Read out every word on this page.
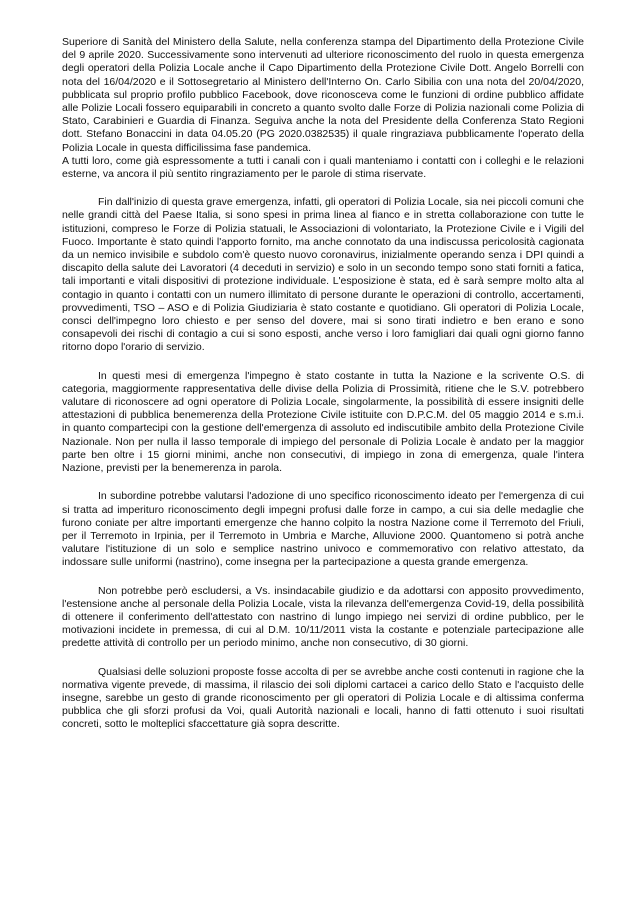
Superiore di Sanità del Ministero della Salute, nella conferenza stampa del Dipartimento della Protezione Civile del 9 aprile 2020. Successivamente sono intervenuti ad ulteriore riconoscimento del ruolo in questa emergenza degli operatori della Polizia Locale anche il Capo Dipartimento della Protezione Civile Dott. Angelo Borrelli con nota del 16/04/2020 e il Sottosegretario al Ministero dell'Interno On. Carlo Sibilia con una nota del 20/04/2020, pubblicata sul proprio profilo pubblico Facebook, dove riconosceva come le funzioni di ordine pubblico affidate alle Polizie Locali fossero equiparabili in concreto a quanto svolto dalle Forze di Polizia nazionali come Polizia di Stato, Carabinieri e Guardia di Finanza. Seguiva anche la nota del Presidente della Conferenza Stato Regioni dott. Stefano Bonaccini in data 04.05.20 (PG 2020.0382535) il quale ringraziava pubblicamente l'operato della Polizia Locale in questa difficilissima fase pandemica.

A tutti loro, come già espressomente a tutti i canali con i quali manteniamo i contatti con i colleghi e le relazioni esterne, va ancora il più sentito ringraziamento per le parole di stima riservate.

Fin dall'inizio di questa grave emergenza, infatti, gli operatori di Polizia Locale, sia nei piccoli comuni che nelle grandi città del Paese Italia, si sono spesi in prima linea al fianco e in stretta collaborazione con tutte le istituzioni, compreso le Forze di Polizia statuali, le Associazioni di volontariato, la Protezione Civile e i Vigili del Fuoco. Importante è stato quindi l'apporto fornito, ma anche connotato da una indiscussa pericolosità cagionata da un nemico invisibile e subdolo com'è questo nuovo coronavirus, inizialmente operando senza i DPI quindi a discapito della salute dei Lavoratori (4 deceduti in servizio) e solo in un secondo tempo sono stati forniti a fatica, tali importanti e vitali dispositivi di protezione individuale. L'esposizione è stata, ed è sarà sempre molto alta al contagio in quanto i contatti con un numero illimitato di persone durante le operazioni di controllo, accertamenti, provvedimenti, TSO – ASO e di Polizia Giudiziaria è stato costante e quotidiano. Gli operatori di Polizia Locale, consci dell'impegno loro chiesto e per senso del dovere, mai si sono tirati indietro e ben erano e sono consapevoli dei rischi di contagio a cui si sono esposti, anche verso i loro famigliari dai quali ogni giorno fanno ritorno dopo l'orario di servizio.

In questi mesi di emergenza l'impegno è stato costante in tutta la Nazione e la scrivente O.S. di categoria, maggiormente rappresentativa delle divise della Polizia di Prossimità, ritiene che le S.V. potrebbero valutare di riconoscere ad ogni operatore di Polizia Locale, singolarmente, la possibilità di essere insigniti delle attestazioni di pubblica benemerenza della Protezione Civile istituite con D.P.C.M. del 05 maggio 2014 e s.m.i. in quanto compartecipi con la gestione dell'emergenza di assoluto ed indiscutibile ambito della Protezione Civile Nazionale. Non per nulla il lasso temporale di impiego del personale di Polizia Locale è andato per la maggior parte ben oltre i 15 giorni minimi, anche non consecutivi, di impiego in zona di emergenza, quale l'intera Nazione, previsti per la benemerenza in parola.

In subordine potrebbe valutarsi l'adozione di uno specifico riconoscimento ideato per l'emergenza di cui si tratta ad imperituro riconoscimento degli impegni profusi dalle forze in campo, a cui sia delle medaglie che furono coniate per altre importanti emergenze che hanno colpito la nostra Nazione come il Terremoto del Friuli, per il Terremoto in Irpinia, per il Terremoto in Umbria e Marche, Alluvione 2000. Quantomeno si potrà anche valutare l'istituzione di un solo e semplice nastrino univoco e commemorativo con relativo attestato, da indossare sulle uniformi (nastrino), come insegna per la partecipazione a questa grande emergenza.

Non potrebbe però escludersi, a Vs. insindacabile giudizio e da adottarsi con apposito provvedimento, l'estensione anche al personale della Polizia Locale, vista la rilevanza dell'emergenza Covid-19, della possibilità di ottenere il conferimento dell'attestato con nastrino di lungo impiego nei servizi di ordine pubblico, per le motivazioni incidete in premessa, di cui al D.M. 10/11/2011 vista la costante e potenziale partecipazione alle predette attività di controllo per un periodo minimo, anche non consecutivo, di 30 giorni.

Qualsiasi delle soluzioni proposte fosse accolta di per se avrebbe anche costi contenuti in ragione che la normativa vigente prevede, di massima, il rilascio dei soli diplomi cartacei a carico dello Stato e l'acquisto delle insegne, sarebbe un gesto di grande riconoscimento per gli operatori di Polizia Locale e di altissima conferma pubblica che gli sforzi profusi da Voi, quali Autorità nazionali e locali, hanno di fatti ottenuto i suoi risultati concreti, sotto le molteplici sfaccettature già sopra descritte.
